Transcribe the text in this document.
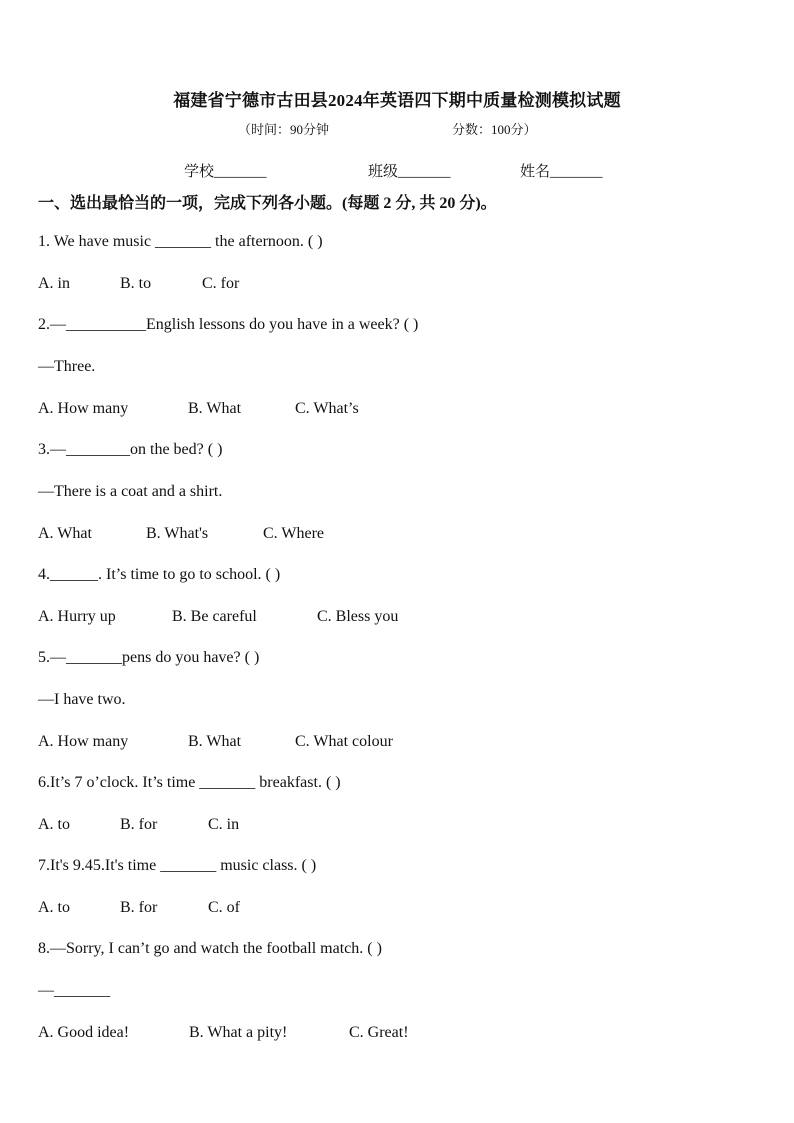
福建省宁德市古田县2024年英语四下期中质量检测模拟试题
（时间：90分钟	分数：100分）
学校_______	班级_______	姓名_______
一、选出最恰当的一项，完成下列各小题。(每题 2 分, 共 20 分)。
1. We have music _______ the afternoon. ( )
A. in	B. to	C. for
2.—__________English lessons do you have in a week? ( )
—Three.
A. How many	B. What	C. What’s
3.—________on the bed? ( )
—There is a coat and a shirt.
A. What	B. What's	C. Where
4.______. It’s time to go to school. ( )
A. Hurry up	B. Be careful	C. Bless you
5.—_______pens do you have? ( )
—I have two.
A. How many	B. What	C. What colour
6.It’s 7 o’clock. It’s time _______ breakfast. ( )
A. to	B. for	C. in
7.It's 9.45.It's time _______ music class. ( )
A. to	B. for	C. of
8.—Sorry, I can’t go and watch the football match. ( )
—_______
A. Good idea!	B. What a pity!	C. Great!
